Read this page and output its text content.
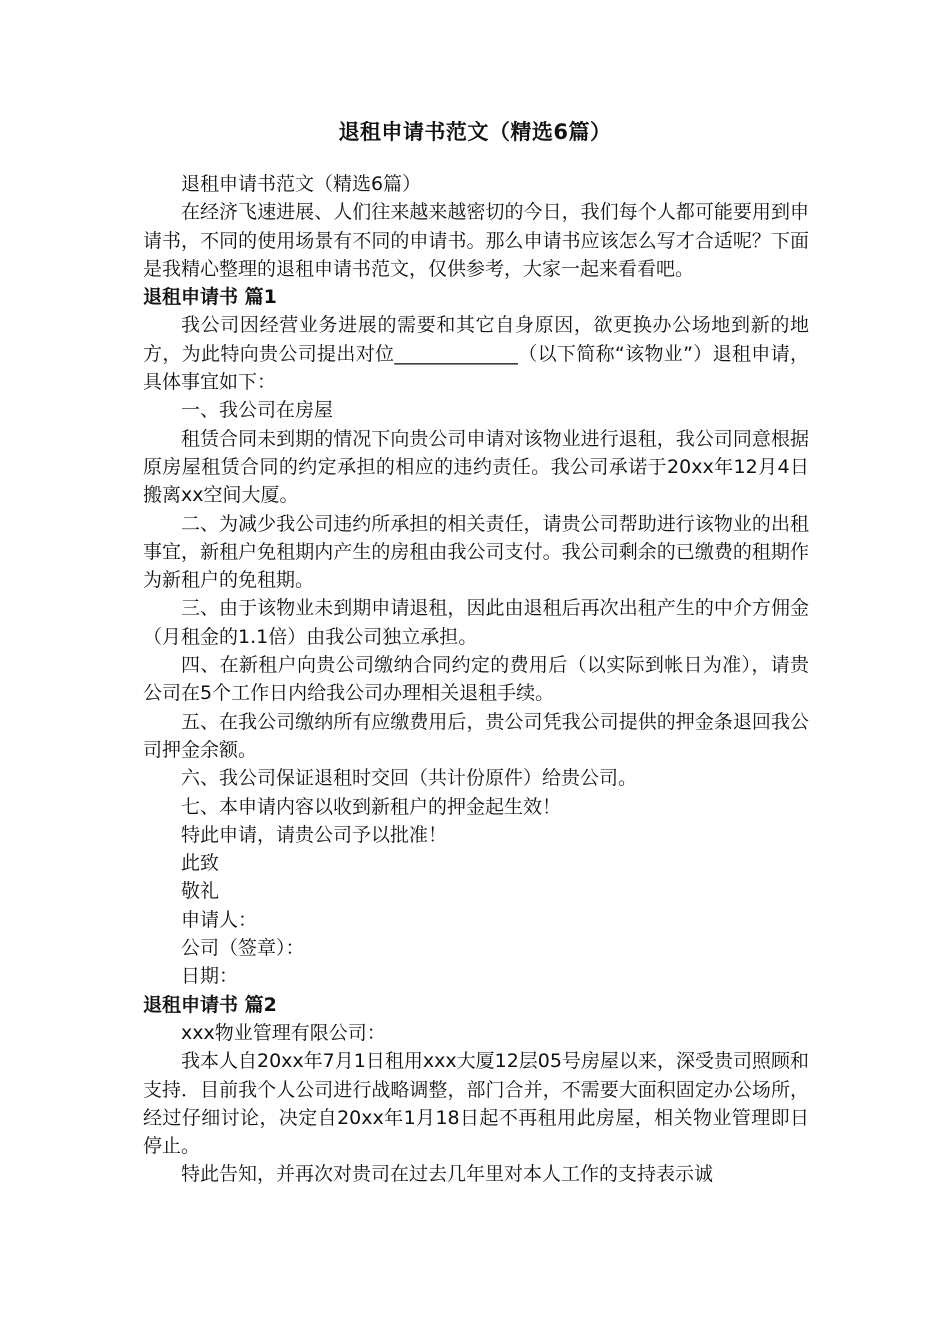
退租申请书范文（精选6篇）

退租申请书范文（精选6篇）

在经济飞速进展、人们往来越来越密切的今日，我们每个人都可能要用到申请书，不同的使用场景有不同的申请书。那么申请书应该怎么写才合适呢？下面是我精心整理的退租申请书范文，仅供参考，大家一起来看看吧。

退租申请书 篇1

我公司因经营业务进展的需要和其它自身原因，欲更换办公场地到新的地方，为此特向贵公司提出对位_____________（以下简称“该物业”）退租申请，具体事宜如下：

一、我公司在房屋

租赁合同未到期的情况下向贵公司申请对该物业进行退租，我公司同意根据原房屋租赁合同的约定承担的相应的违约责任。我公司承诺于20xx年12月4日搬离xx空间大厦。

二、为减少我公司违约所承担的相关责任，请贵公司帮助进行该物业的出租事宜，新租户免租期内产生的房租由我公司支付。我公司剩余的已缴费的租期作为新租户的免租期。

三、由于该物业未到期申请退租，因此由退租后再次出租产生的中介方佣金（月租金的1.1倍）由我公司独立承担。

四、在新租户向贵公司缴纳合同约定的费用后（以实际到帐日为准），请贵公司在5个工作日内给我公司办理相关退租手续。

五、在我公司缴纳所有应缴费用后，贵公司凭我公司提供的押金条退回我公司押金余额。

六、我公司保证退租时交回（共计份原件）给贵公司。

七、本申请内容以收到新租户的押金起生效！

特此申请，请贵公司予以批准！

此致

敬礼

申请人：

公司（签章）：

日期：

退租申请书 篇2

xxx物业管理有限公司：

我本人自20xx年7月1日租用xxx大厦12层05号房屋以来，深受贵司照顾和支持．目前我个人公司进行战略调整，部门合并，不需要大面积固定办公场所，经过仔细讨论，决定自20xx年1月18日起不再租用此房屋，相关物业管理即日停止。

特此告知，并再次对贵司在过去几年里对本人工作的支持表示诚
